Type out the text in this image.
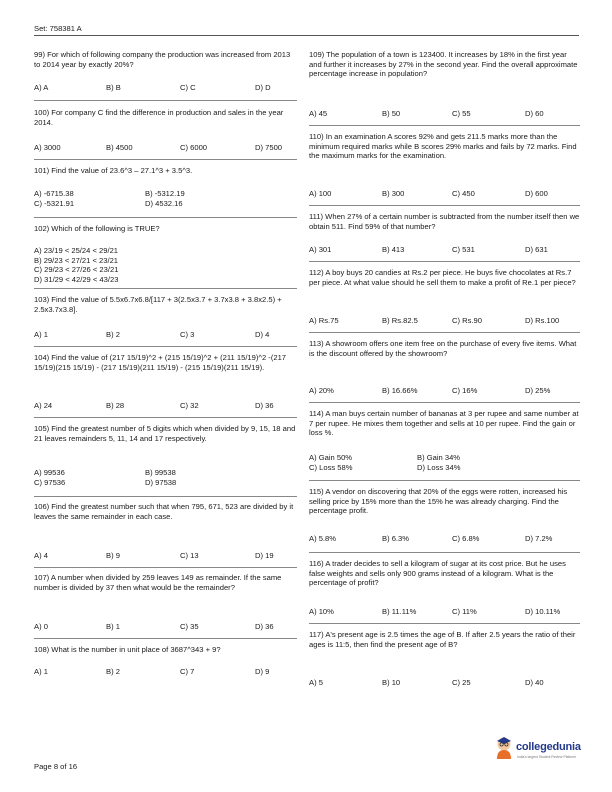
Set: 758381 A

99) For which of following company the production was increased from 2013 to 2014 year by exactly 20%?

A) A	B) B	C) C	D) D

100) For company C find the difference in production and sales in the year 2014.

A) 3000	B) 4500	C) 6000	D) 7500

101) Find the value of 23.6^3 – 27.1^3 + 3.5^3.

A) -6715.38	B) -5312.19
C) -5321.91	D) 4532.16

102) Which of the following is TRUE?

A) 23/19 < 25/24 < 29/21
B) 29/23 < 27/21 < 23/21
C) 29/23 < 27/26 < 23/21
D) 31/29 < 42/29 < 43/23

103) Find the value of 5.5x6.7x6.8/[117 + 3(2.5x3.7 + 3.7x3.8 + 3.8x2.5) + 2.5x3.7x3.8].

A) 1	B) 2	C) 3	D) 4

104) Find the value of (217 15/19)^2 + (215 15/19)^2 + (211 15/19)^2 -(217 15/19)(215 15/19) - (217 15/19)(211 15/19) - (215 15/19)(211 15/19).

A) 24	B) 28	C) 32	D) 36

105) Find the greatest number of 5 digits which when divided by 9, 15, 18 and 21 leaves remainders 5, 11, 14 and 17 respectively.

A) 99536	B) 99538
C) 97536	D) 97538

106) Find the greatest number such that when 795, 671, 523 are divided by it leaves the same remainder in each case.

A) 4	B) 9	C) 13	D) 19

107) A number when divided by 259 leaves 149 as remainder. If the same number is divided by 37 then what would be the remainder?

A) 0	B) 1	C) 35	D) 36

108) What is the number in unit place of 3687^343 + 9?

A) 1	B) 2	C) 7	D) 9

109) The population of a town is 123400. It increases by 18% in the first year and further it increases by 27% in the second year. Find the overall approximate percentage increase in population?

A) 45	B) 50	C) 55	D) 60

110) In an examination A scores 92% and gets 211.5 marks more than the minimum required marks while B scores 29% marks and fails by 72 marks. Find the maximum marks for the examination.

A) 100	B) 300	C) 450	D) 600

111) When 27% of a certain number is subtracted from the number itself then we obtain 511. Find 59% of that number?

A) 301	B) 413	C) 531	D) 631

112) A boy buys 20 candies at Rs.2 per piece. He buys five chocolates at Rs.7 per piece. At what value should he sell them to make a profit of Re.1 per piece?

A) Rs.75	B) Rs.82.5	C) Rs.90	D) Rs.100

113) A showroom offers one item free on the purchase of every five items. What is the discount offered by the showroom?

A) 20%	B) 16.66%	C) 16%	D) 25%

114) A man buys certain number of bananas at 3 per rupee and same number at 7 per rupee. He mixes them together and sells at 10 per rupee. Find the gain or loss %.

A) Gain 50%	B) Gain 34%
C) Loss 58%	D) Loss 34%

115) A vendor on discovering that 20% of the eggs were rotten, increased his selling price by 15% more than the 15% he was already charging. Find the percentage profit.

A) 5.8%	B) 6.3%	C) 6.8%	D) 7.2%

116) A trader decides to sell a kilogram of sugar at its cost price. But he uses false weights and sells only 900 grams instead of a kilogram. What is the percentage of profit?

A) 10%	B) 11.11%	C) 11%	D) 10.11%

117) A's present age is 2.5 times the age of B. If after 2.5 years the ratio of their ages is 11:5, then find the present age of B?

A) 5	B) 10	C) 25	D) 40
collegedunia
India's largest Student Review Platform
Page 8 of 16
